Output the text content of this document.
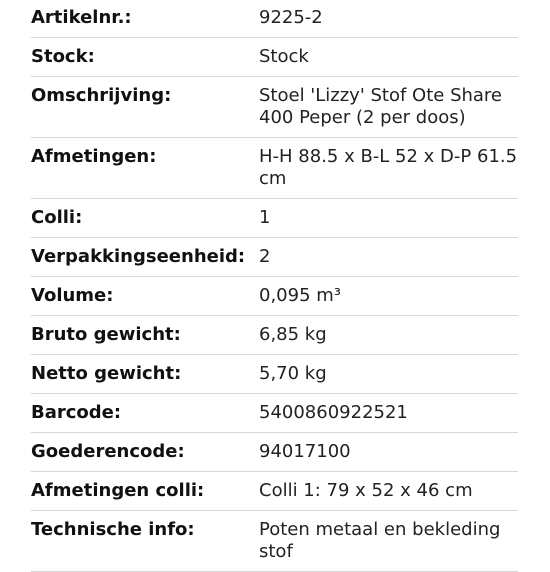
Artikelnr.:	9225-2
Stock:	Stock
Omschrijving:	Stoel 'Lizzy' Stof Ote Share 400 Peper (2 per doos)
Afmetingen:	H-H 88.5 x B-L 52 x D-P 61.5 cm
Colli:	1
Verpakkingseenheid:	2
Volume:	0,095 m³
Bruto gewicht:	6,85 kg
Netto gewicht:	5,70 kg
Barcode:	5400860922521
Goederencode:	94017100
Afmetingen colli:	Colli 1: 79 x 52 x 46 cm
Technische info:	Poten metaal en bekleding stof
